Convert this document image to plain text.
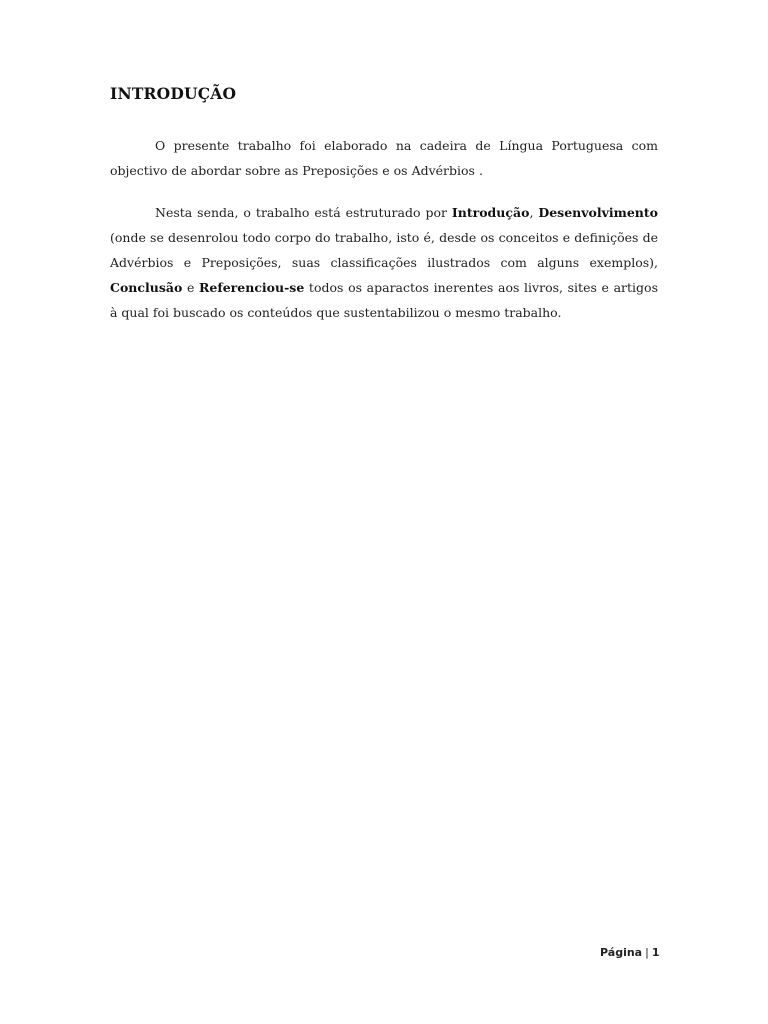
INTRODUÇÃO

O presente trabalho foi elaborado na cadeira de Língua Portuguesa com objectivo de abordar sobre as Preposições e os Advérbios .

Nesta senda, o trabalho está estruturado por Introdução, Desenvolvimento (onde se desenrolou todo corpo do trabalho, isto é, desde os conceitos e definições de Advérbios e Preposições, suas classificações ilustrados com alguns exemplos), Conclusão e Referenciou-se todos os aparactos inerentes aos livros, sites e artigos à qual foi buscado os conteúdos que sustentabilizou o mesmo trabalho.

Página | 1
